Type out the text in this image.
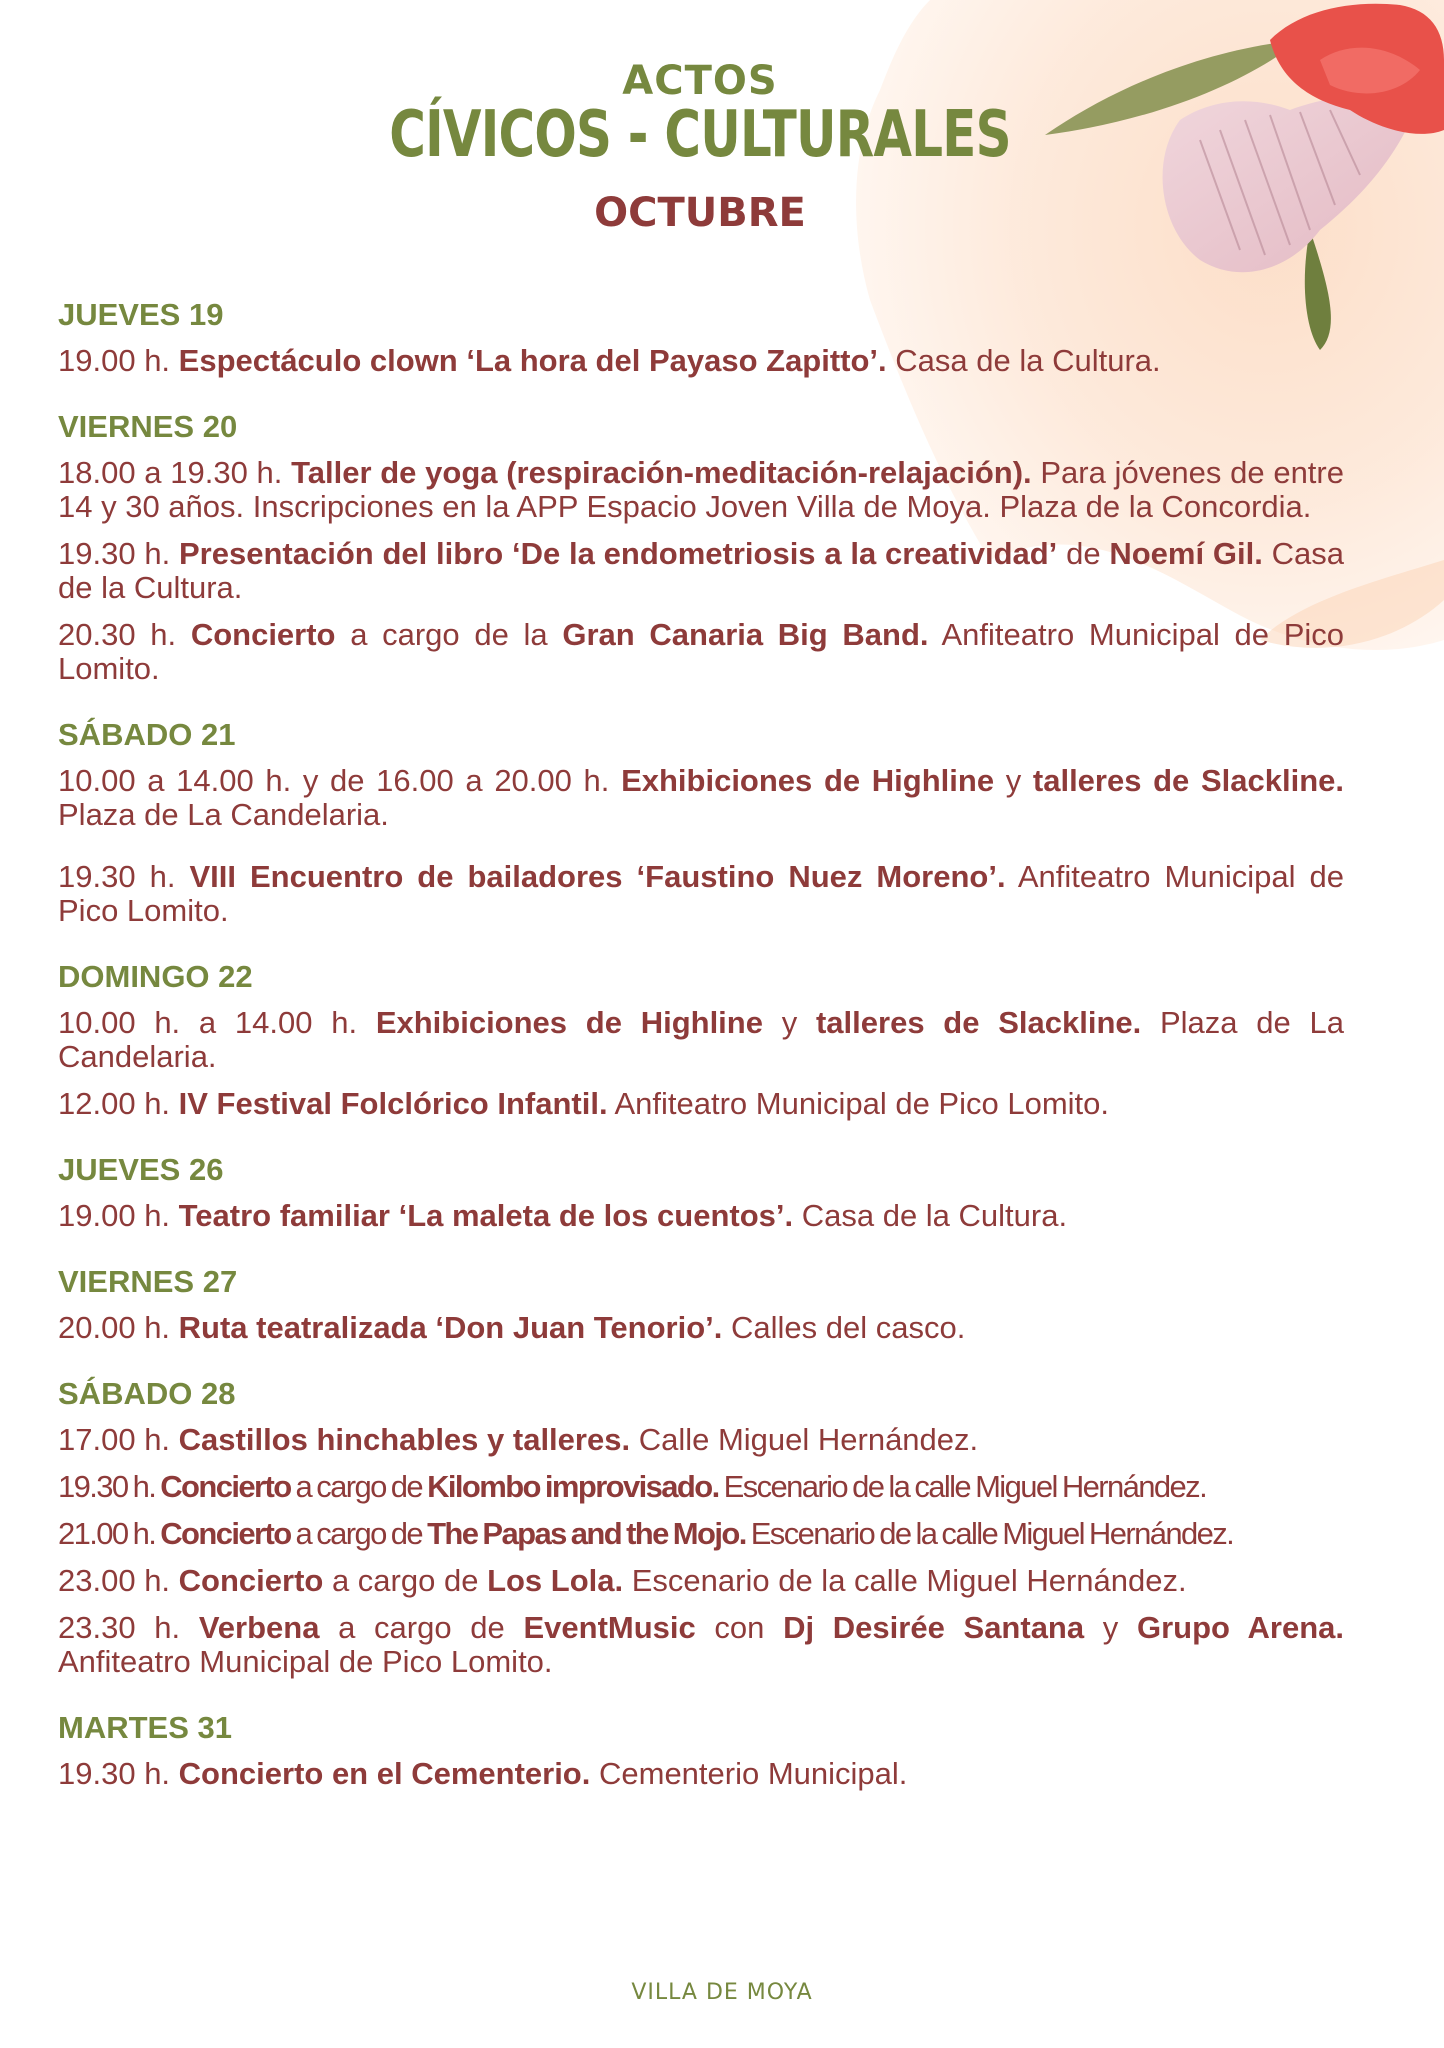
ACTOS
CÍVICOS - CULTURALES
OCTUBRE
JUEVES 19
19.00 h. Espectáculo clown ‘La hora del Payaso Zapitto’. Casa de la Cultura.
VIERNES 20
18.00 a 19.30 h. Taller de yoga (respiración-meditación-relajación). Para jóvenes de entre 14 y 30 años. Inscripciones en la APP Espacio Joven Villa de Moya. Plaza de la Concordia.
19.30 h. Presentación del libro ‘De la endometriosis a la creatividad’ de Noemí Gil. Casa de la Cultura.
20.30 h. Concierto a cargo de la Gran Canaria Big Band. Anfiteatro Municipal de Pico Lomito.
SÁBADO 21
10.00 a 14.00 h. y de 16.00 a 20.00 h. Exhibiciones de Highline y talleres de Slackline. Plaza de La Candelaria.
19.30 h. VIII Encuentro de bailadores ‘Faustino Nuez Moreno’. Anfiteatro Municipal de Pico Lomito.
DOMINGO 22
10.00 h. a 14.00 h. Exhibiciones de Highline y talleres de Slackline. Plaza de La Candelaria.
12.00 h. IV Festival Folclórico Infantil. Anfiteatro Municipal de Pico Lomito.
JUEVES 26
19.00 h. Teatro familiar ‘La maleta de los cuentos’. Casa de la Cultura.
VIERNES 27
20.00 h. Ruta teatralizada ‘Don Juan Tenorio’. Calles del casco.
SÁBADO 28
17.00 h. Castillos hinchables y talleres. Calle Miguel Hernández.
19.30 h. Concierto a cargo de Kilombo improvisado. Escenario de la calle Miguel Hernández.
21.00 h. Concierto a cargo de The Papas and the Mojo. Escenario de la calle Miguel Hernández.
23.00 h. Concierto a cargo de Los Lola. Escenario de la calle Miguel Hernández.
23.30 h. Verbena a cargo de EventMusic con Dj Desirée Santana y Grupo Arena. Anfiteatro Municipal de Pico Lomito.
MARTES 31
19.30 h. Concierto en el Cementerio. Cementerio Municipal.
VILLA DE MOYA
